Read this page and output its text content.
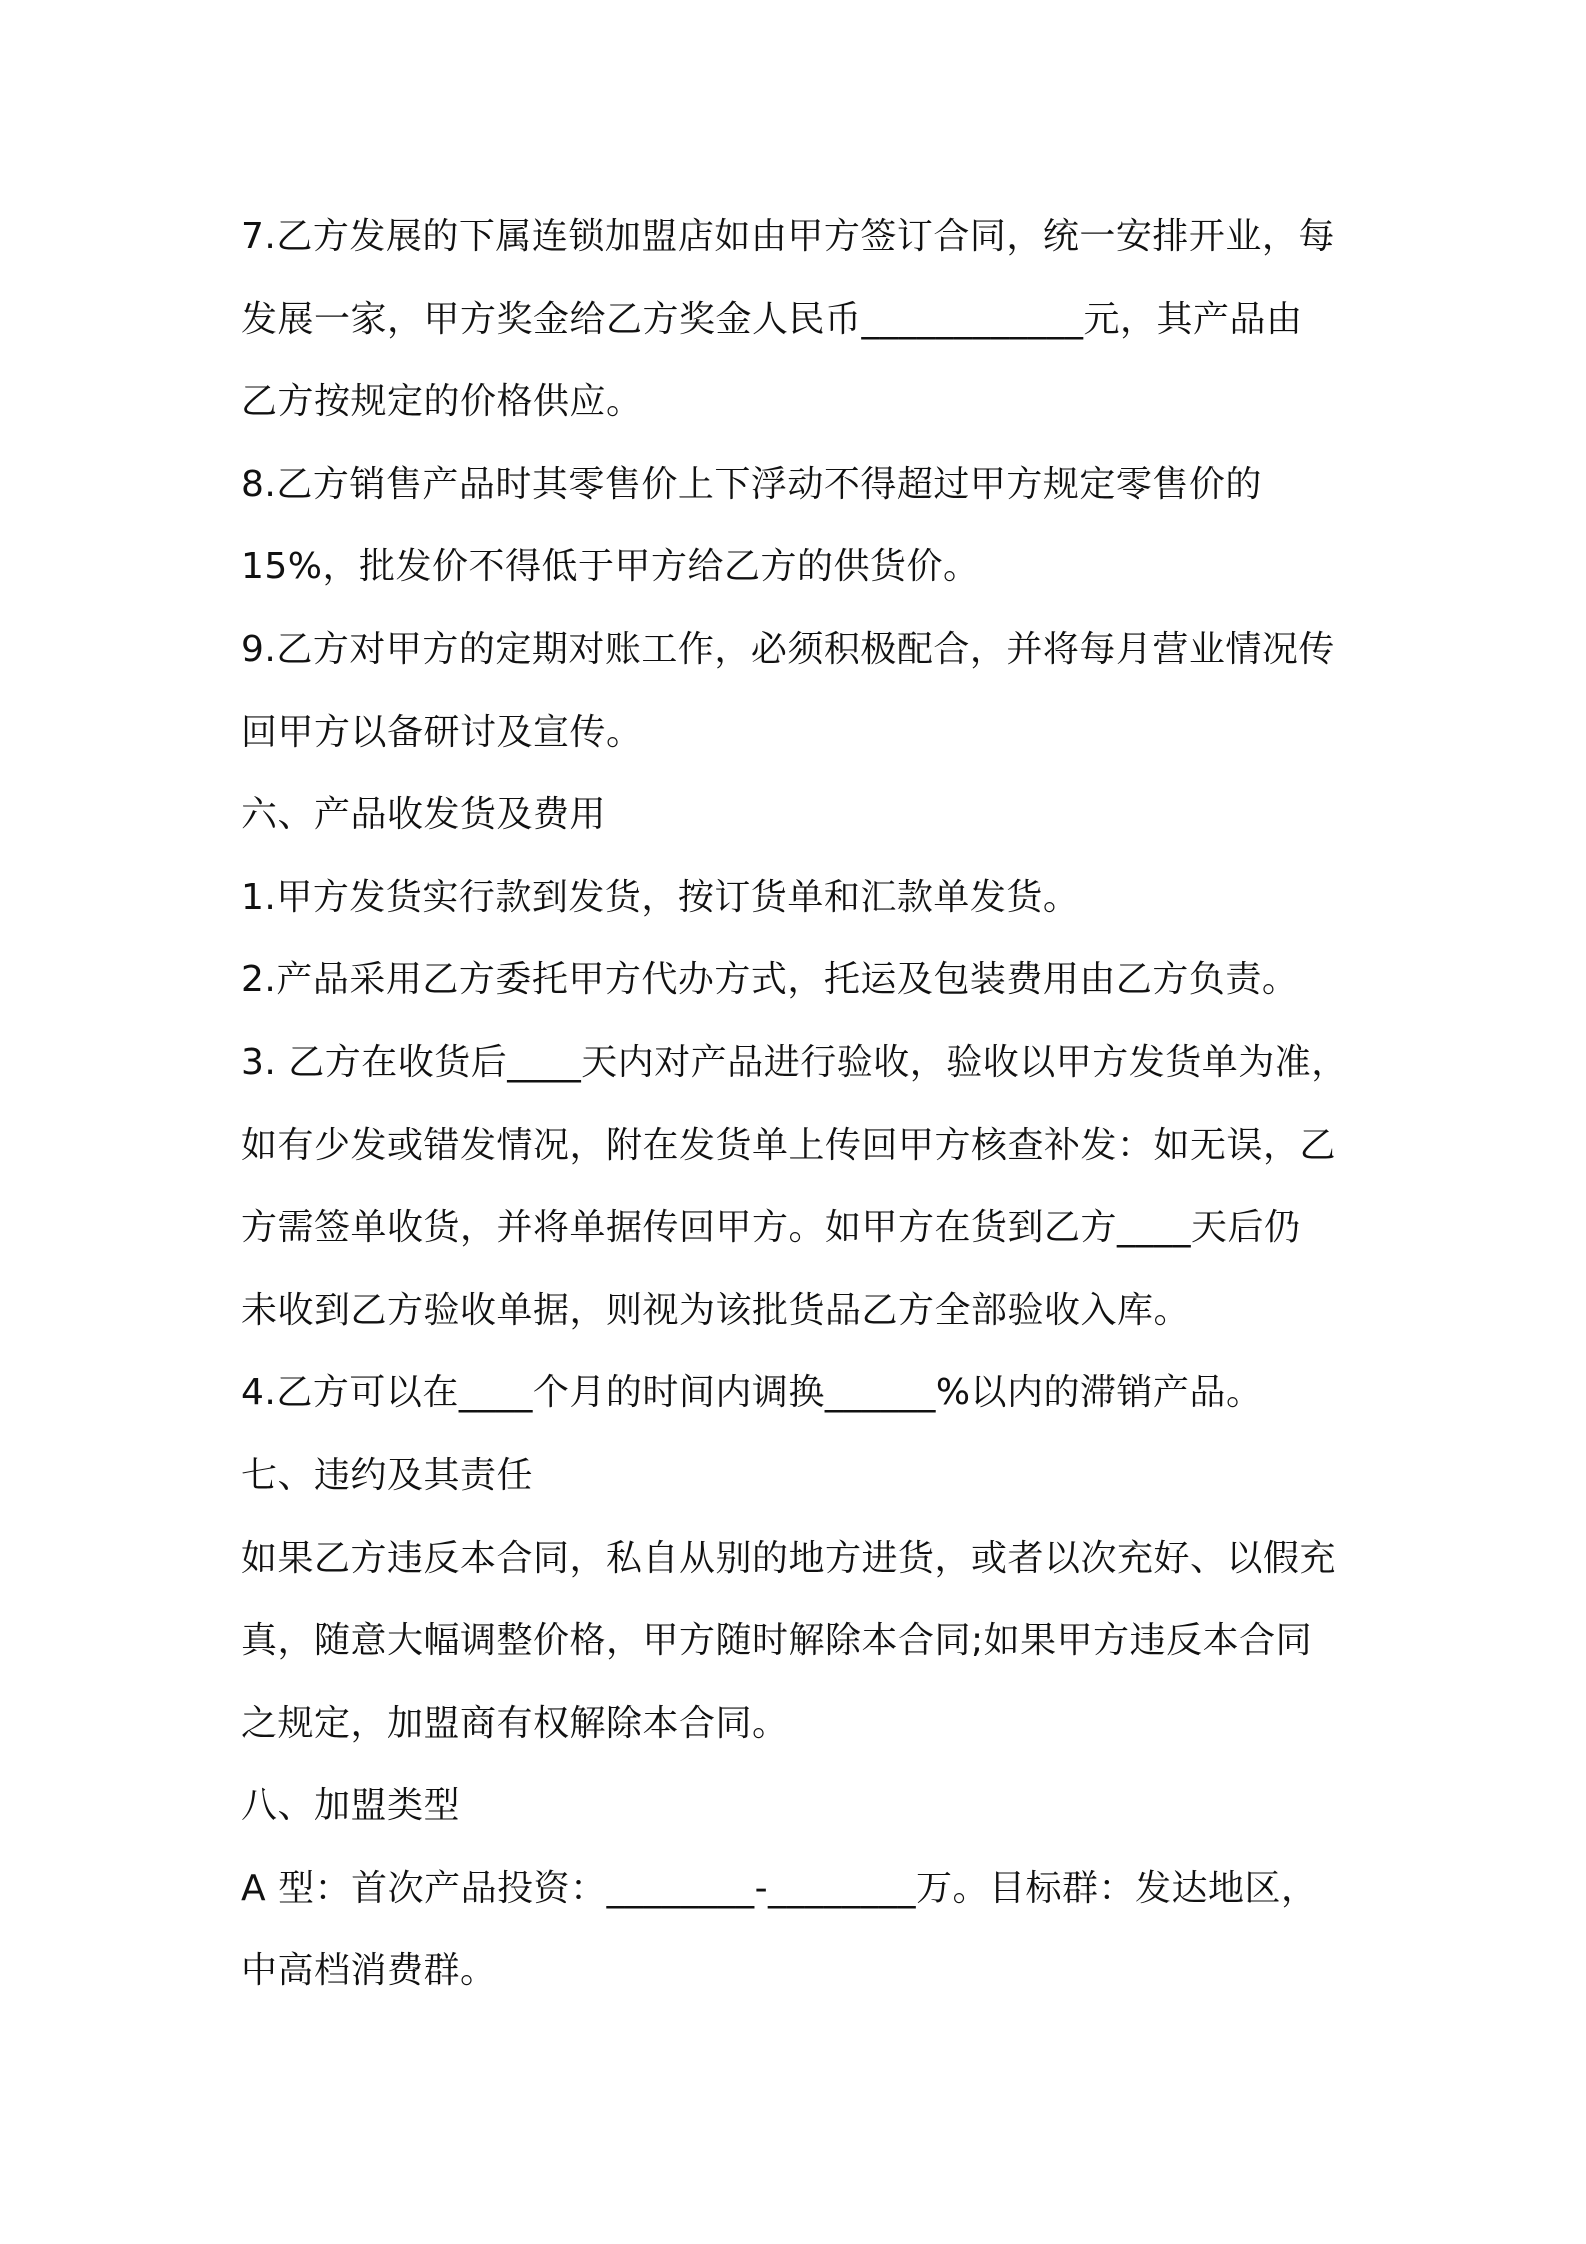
7.乙方发展的下属连锁加盟店如由甲方签订合同，统一安排开业，每
发展一家，甲方奖金给乙方奖金人民币____________元，其产品由
乙方按规定的价格供应。
8.乙方销售产品时其零售价上下浮动不得超过甲方规定零售价的
15%，批发价不得低于甲方给乙方的供货价。
9.乙方对甲方的定期对账工作，必须积极配合，并将每月营业情况传
回甲方以备研讨及宣传。
六、产品收发货及费用
1.甲方发货实行款到发货，按订货单和汇款单发货。
2.产品采用乙方委托甲方代办方式，托运及包装费用由乙方负责。
3. 乙方在收货后____天内对产品进行验收，验收以甲方发货单为准，
如有少发或错发情况，附在发货单上传回甲方核查补发：如无误，乙
方需签单收货，并将单据传回甲方。如甲方在货到乙方____天后仍
未收到乙方验收单据，则视为该批货品乙方全部验收入库。
4.乙方可以在____个月的时间内调换______%以内的滞销产品。
七、违约及其责任
如果乙方违反本合同，私自从别的地方进货，或者以次充好、以假充
真，随意大幅调整价格，甲方随时解除本合同;如果甲方违反本合同
之规定，加盟商有权解除本合同。
八、加盟类型
A 型：首次产品投资：________-________万。目标群：发达地区，
中高档消费群。
